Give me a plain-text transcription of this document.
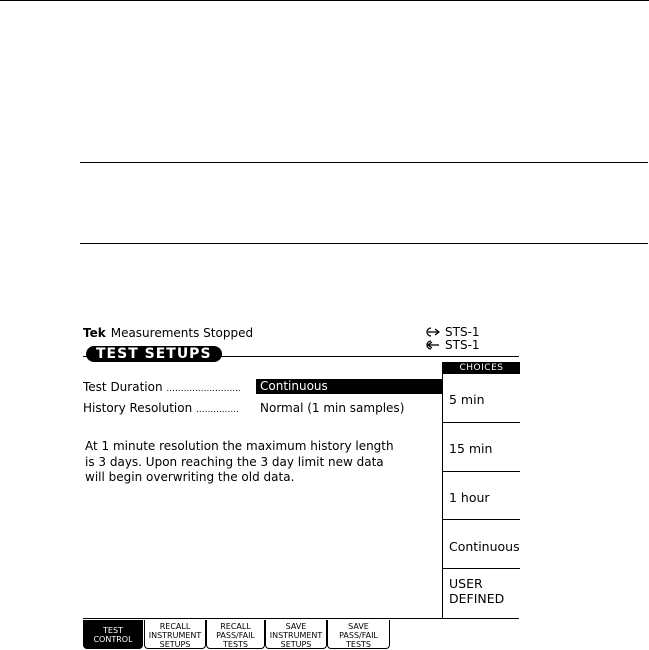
Tek Measurements Stopped	STS-1
STS-1
TEST SETUPS
Test Duration ..........................	Continuous
History Resolution ............... Normal (1 min samples)
At 1 minute resolution the maximum history length
is 3 days. Upon reaching the 3 day limit new data
will begin overwriting the old data.
CHOICES
5 min
15 min
1 hour
Continuous
USER
DEFINED
TEST
CONTROL
RECALL
INSTRUMENT
SETUPS
RECALL
PASS/FAIL
TESTS
SAVE
INSTRUMENT
SETUPS
SAVE
PASS/FAIL
TESTS
